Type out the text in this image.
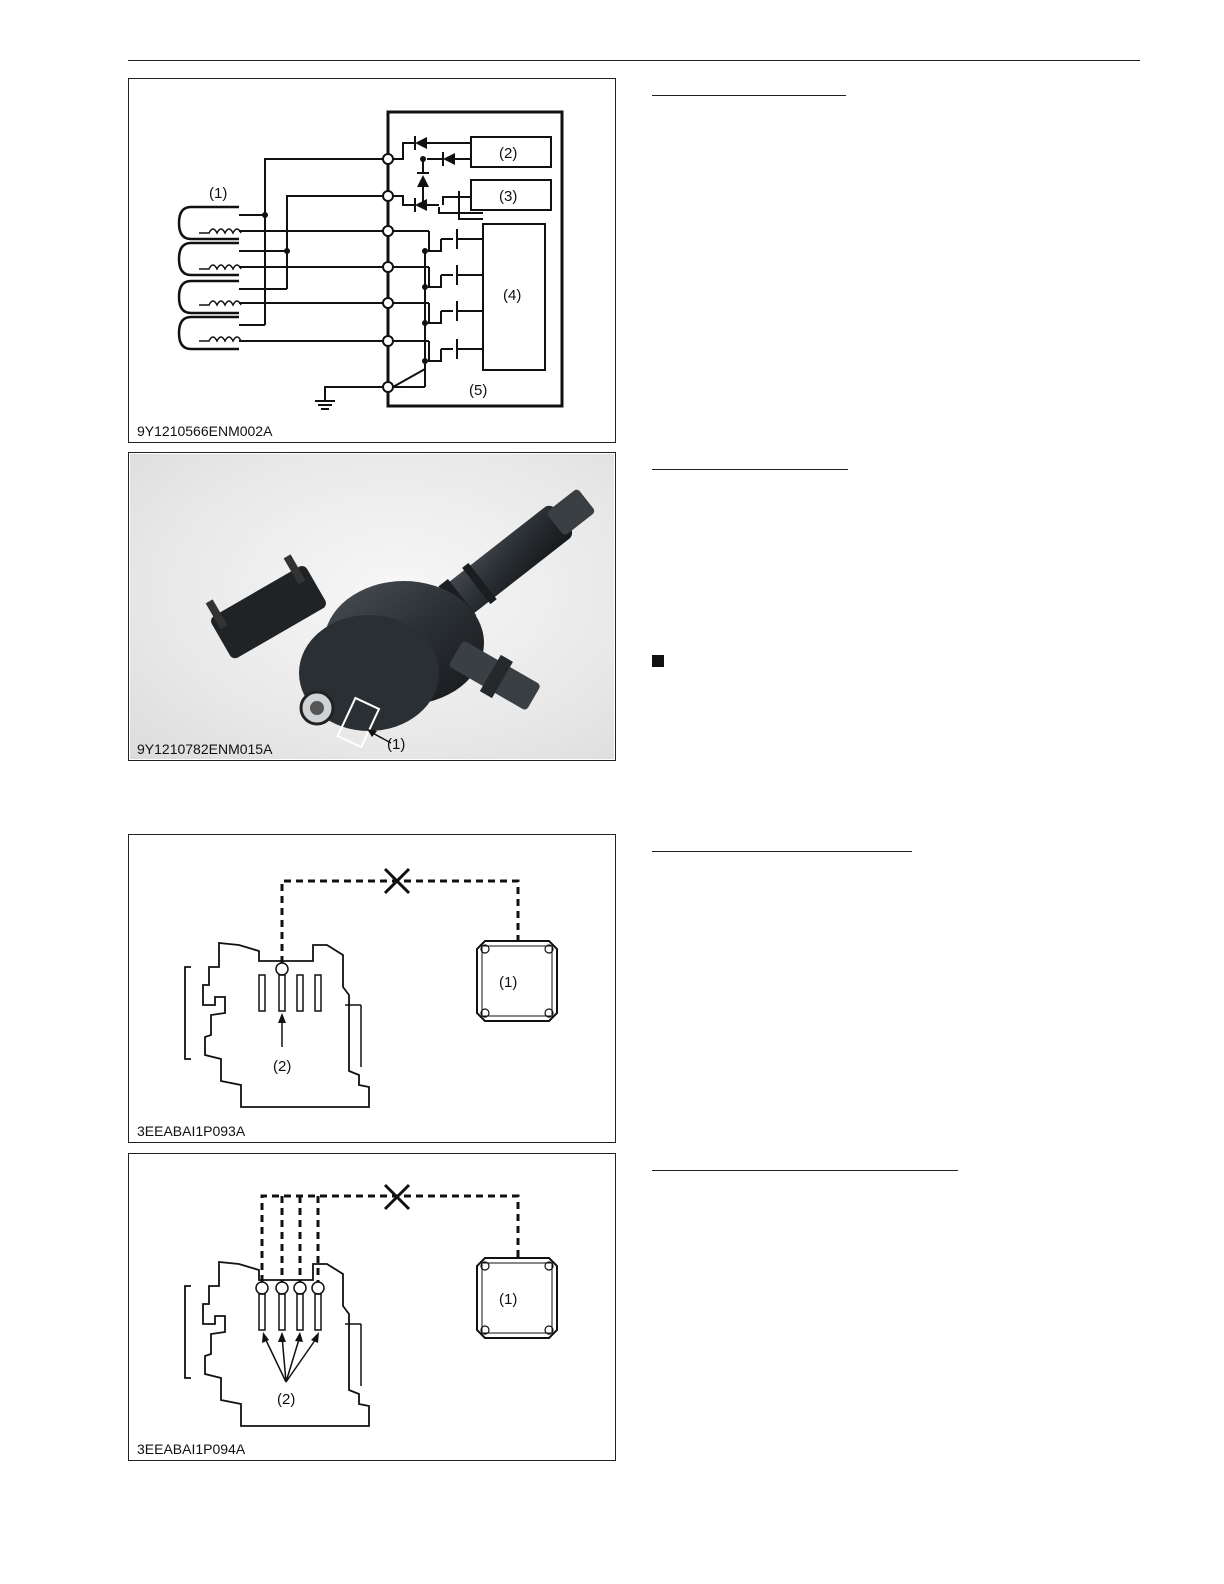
(1)
(2)
(3)
(4)
(5)
9Y1210566ENM002A
(1)
9Y1210782ENM015A
(1)
(2)
3EEABAI1P093A
(1)
(2)
3EEABAI1P094A
